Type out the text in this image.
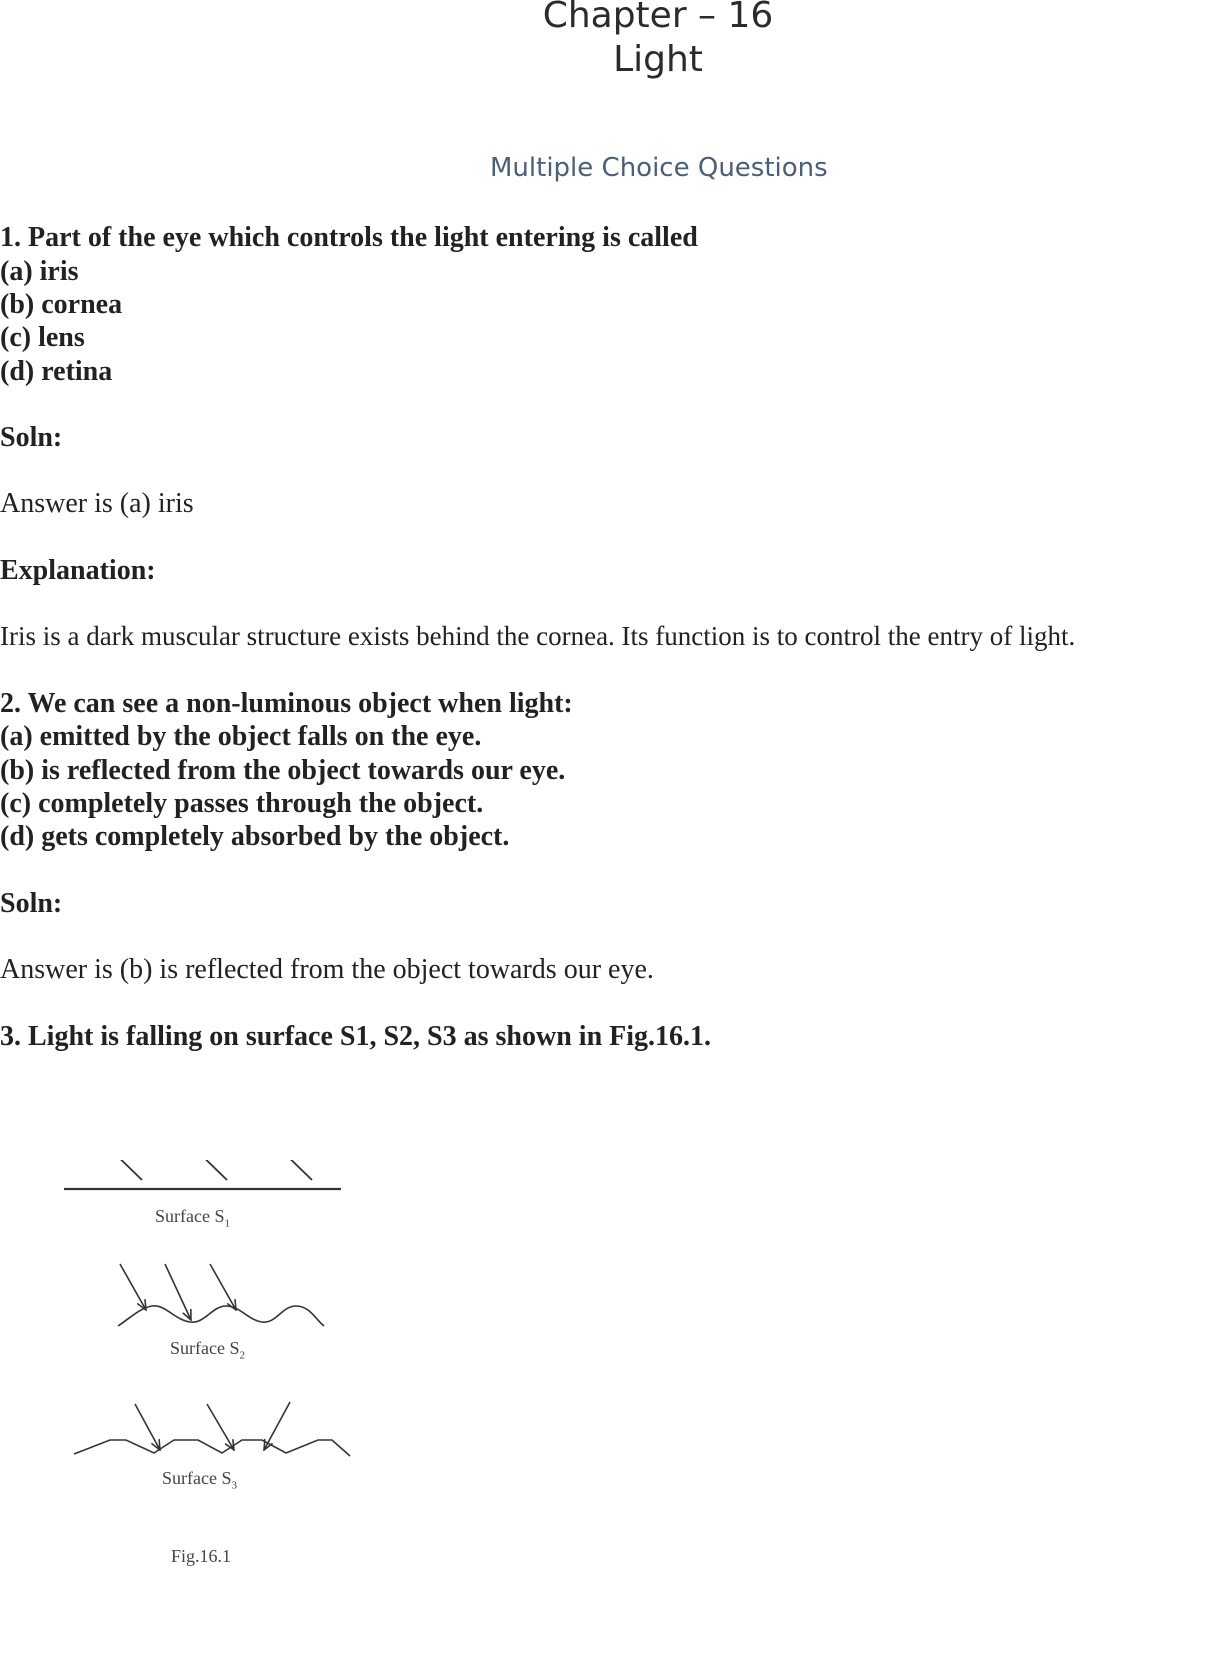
Chapter – 16
Light
Multiple Choice Questions
1. Part of the eye which controls the light entering is called
(a) iris
(b) cornea
(c) lens
(d) retina
Soln:
Answer is (a) iris
Explanation:
Iris is a dark muscular structure exists behind the cornea. Its function is to control the entry of light.
2. We can see a non-luminous object when light:
(a) emitted by the object falls on the eye.
(b) is reflected from the object towards our eye.
(c) completely passes through the object.
(d) gets completely absorbed by the object.
Soln:
Answer is (b) is reflected from the object towards our eye.
3. Light is falling on surface S1, S2, S3 as shown in Fig.16.1.
Surface $S_1$
Surface $S_2$
Surface $S_3$
Fig.16.1
